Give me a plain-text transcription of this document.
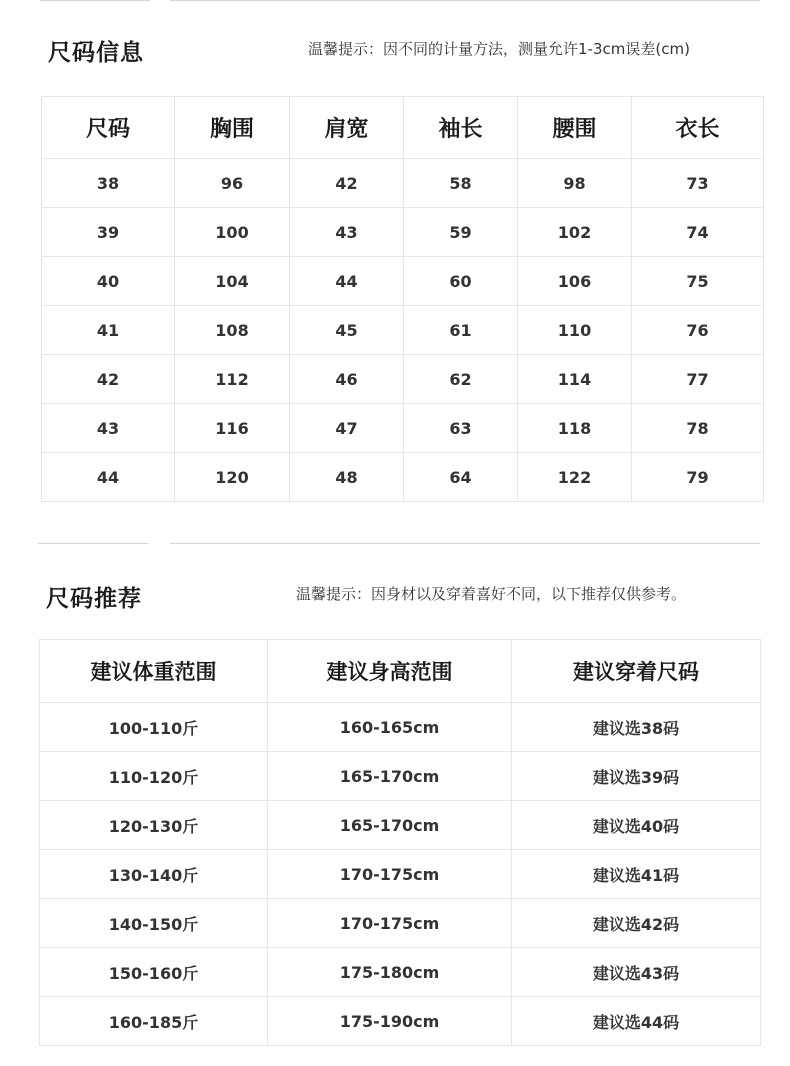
尺码信息	温馨提示：因不同的计量方法，测量允许1-3cm误差(cm)
尺码	胸围	肩宽	袖长	腰围	衣长
38	96	42	58	98	73
39	100	43	59	102	74
40	104	44	60	106	75
41	108	45	61	110	76
42	112	46	62	114	77
43	116	47	63	118	78
44	120	48	64	122	79
尺码推荐	温馨提示：因身材以及穿着喜好不同，以下推荐仅供参考。
建议体重范围	建议身高范围	建议穿着尺码
100-110斤	160-165cm	建议选38码
110-120斤	165-170cm	建议选39码
120-130斤	165-170cm	建议选40码
130-140斤	170-175cm	建议选41码
140-150斤	170-175cm	建议选42码
150-160斤	175-180cm	建议选43码
160-185斤	175-190cm	建议选44码
